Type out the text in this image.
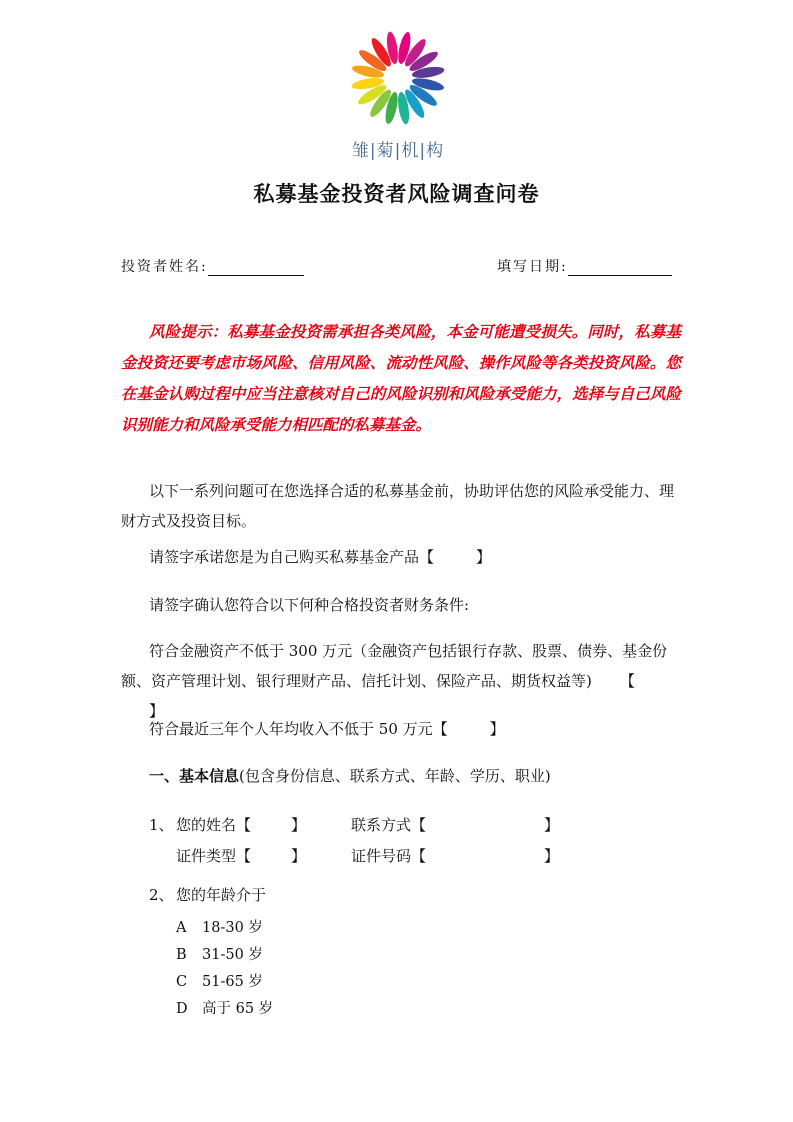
雏|菊|机|构
私募基金投资者风险调查问卷
投资者姓名:	填写日期:
风险提示：私募基金投资需承担各类风险，本金可能遭受损失。同时，私募基金投资还要考虑市场风险、信用风险、流动性风险、操作风险等各类投资风险。您在基金认购过程中应当注意核对自己的风险识别和风险承受能力，选择与自己风险识别能力和风险承受能力相匹配的私募基金。
以下一系列问题可在您选择合适的私募基金前，协助评估您的风险承受能力、理财方式及投资目标。
请签字承诺您是为自己购买私募基金产品【	】
请签字确认您符合以下何种合格投资者财务条件:
符合金融资产不低于 300 万元（金融资产包括银行存款、股票、债券、基金份额、资产管理计划、银行理财产品、信托计划、保险产品、期货权益等) 【】
符合最近三年个人年均收入不低于 50 万元【	】
一、基本信息(包含身份信息、联系方式、年龄、学历、职业)
1、 您的姓名【	】	联系方式【	】
证件类型【	】	证件号码【	】
2、 您的年龄介于
A 18-30 岁
B 31-50 岁
C 51-65 岁
D 高于 65 岁
